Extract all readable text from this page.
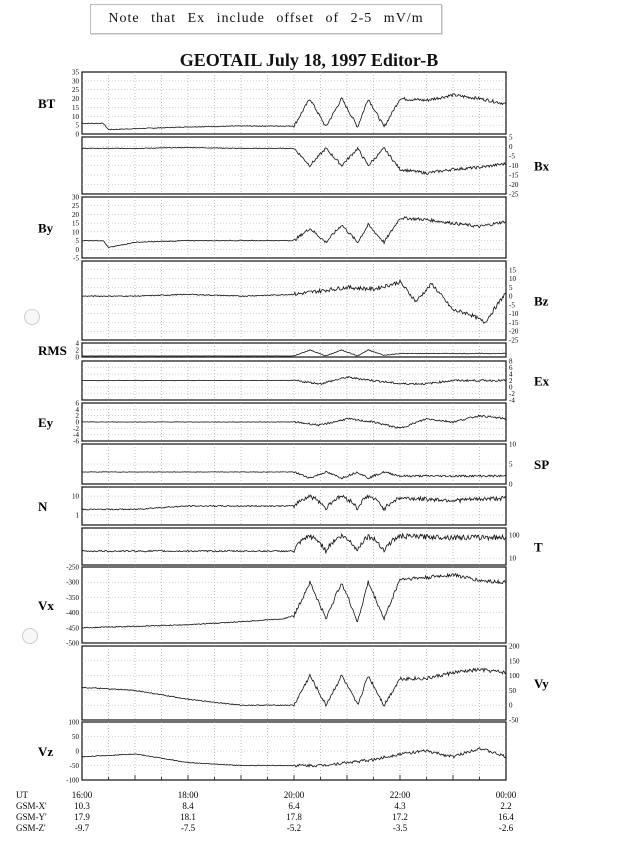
Note that Ex include offset of 2-5 mV/m
GEOTAIL July 18, 1997 Editor-B
35
30
25
20
15
10
5
0
BT
5
0
-5
-10
-15
-20
-25
Bx
30
25
20
15
10
5
0
-5
By
15
10
5
0
-5
-10
-15
-20
-25
Bz
4
2
0
RMS
8
6
4
2
0
-2
-4
Ex
6
4
2
0
-2
-4
-6
Ey
10
5
0
SP
10
1
N
100
10
T
-250
-300
-350
-400
-450
-500
Vx
200
150
100
50
0
-50
Vy
100
50
0
-50
-100
Vz
UT	16:00	18:00	20:00	22:00	00:00
GSM-X'	10.3	8.4	6.4	4.3	2.2
GSM-Y'	17.9	18.1	17.8	17.2	16.4
GSM-Z'	-9.7	-7.5	-5.2	-3.5	-2.6
